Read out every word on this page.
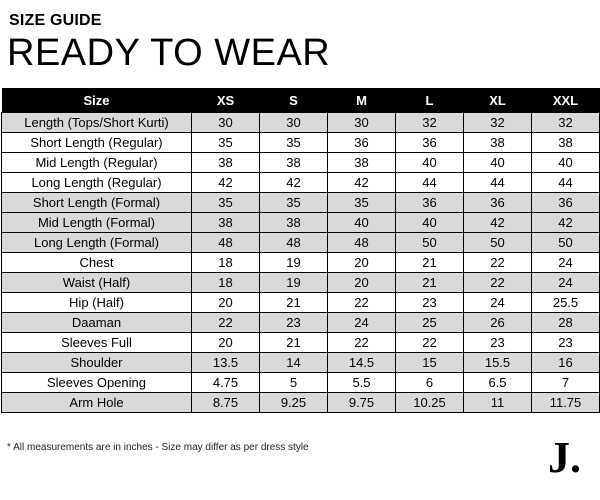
SIZE GUIDE
READY TO WEAR
Size	XS	S	M	L	XL	XXL
Length (Tops/Short Kurti)	30	30	30	32	32	32
Short Length (Regular)	35	35	36	36	38	38
Mid Length (Regular)	38	38	38	40	40	40
Long Length (Regular)	42	42	42	44	44	44
Short Length (Formal)	35	35	35	36	36	36
Mid Length (Formal)	38	38	40	40	42	42
Long Length (Formal)	48	48	48	50	50	50
Chest	18	19	20	21	22	24
Waist (Half)	18	19	20	21	22	24
Hip (Half)	20	21	22	23	24	25.5
Daaman	22	23	24	25	26	28
Sleeves Full	20	21	22	22	23	23
Shoulder	13.5	14	14.5	15	15.5	16
Sleeves Opening	4.75	5	5.5	6	6.5	7
Arm Hole	8.75	9.25	9.75	10.25	11	11.75
* All measurements are in inches - Size may differ as per dress style	J.
